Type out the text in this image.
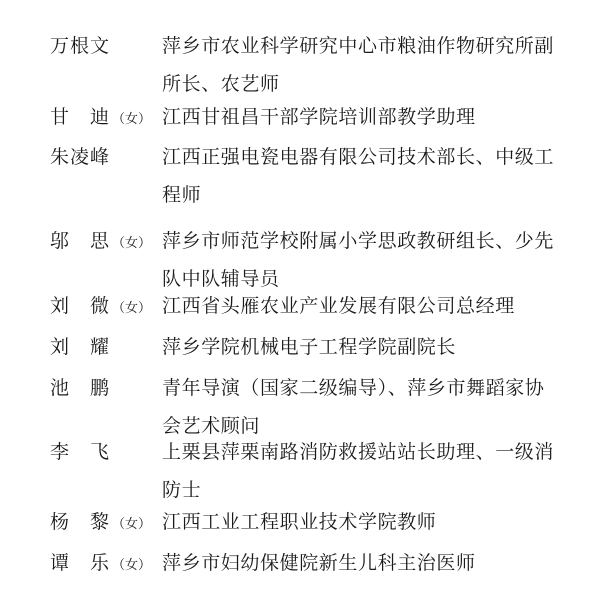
万根文	萍乡市农业科学研究中心市粮油作物研究所副所长、农艺师
甘　迪 （女） 江西甘祖昌干部学院培训部教学助理
朱凌峰	江西正强电瓷电器有限公司技术部长、中级工程师
邬　思 （女） 萍乡市师范学校附属小学思政教研组长、少先队中队辅导员
刘　微 （女） 江西省头雁农业产业发展有限公司总经理
刘　耀	萍乡学院机械电子工程学院副院长
池　鹏	青年导演（国家二级编导）、萍乡市舞蹈家协会艺术顾问
李　飞	上栗县萍栗南路消防救援站站长助理、一级消防士
杨　黎 （女） 江西工业工程职业技术学院教师
谭　乐 （女） 萍乡市妇幼保健院新生儿科主治医师
